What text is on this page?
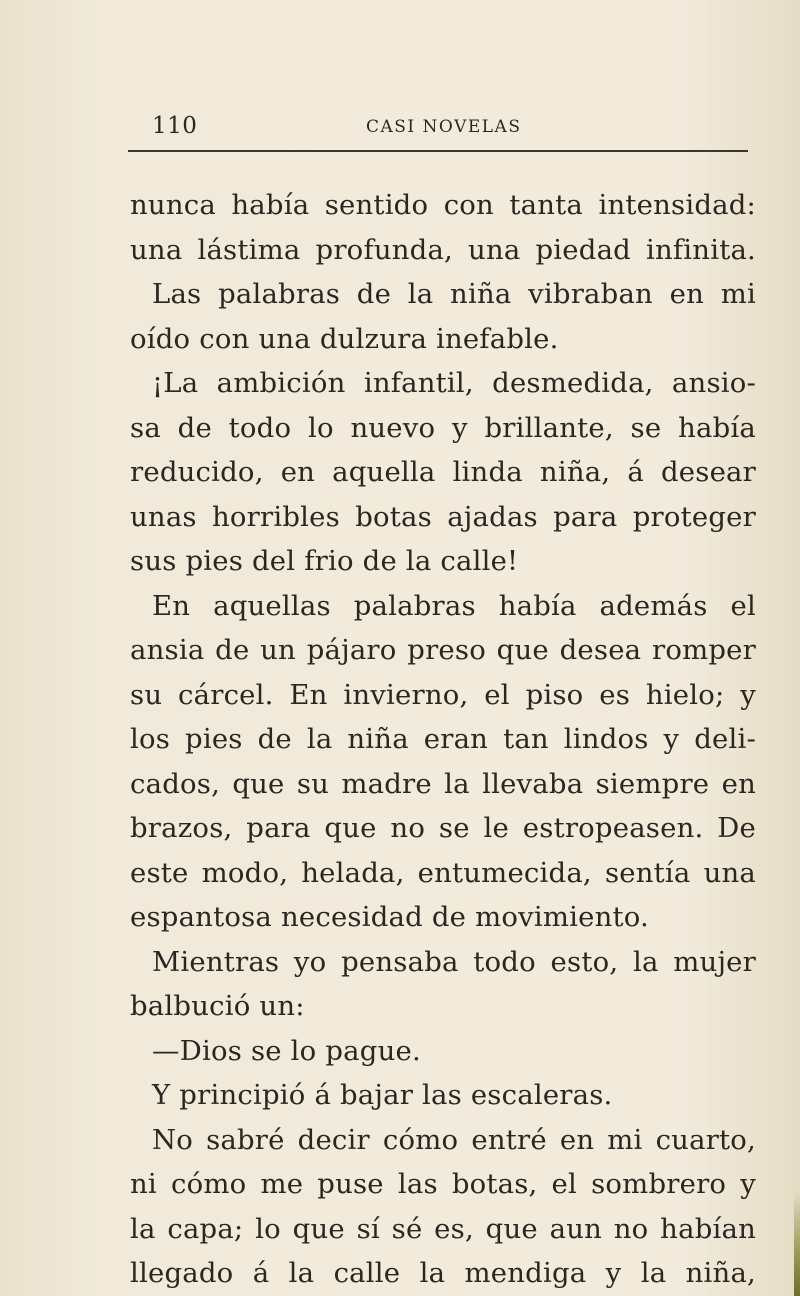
110	CASI NOVELAS
nunca había sentido con tanta intensidad:
una lástima profunda, una piedad infinita.
Las palabras de la niña vibraban en mi
oído con una dulzura inefable.
¡La ambición infantil, desmedida, ansio-
sa de todo lo nuevo y brillante, se había
reducido, en aquella linda niña, á desear
unas horribles botas ajadas para proteger
sus pies del frio de la calle!
En aquellas palabras había además el
ansia de un pájaro preso que desea romper
su cárcel. En invierno, el piso es hielo; y
los pies de la niña eran tan lindos y deli-
cados, que su madre la llevaba siempre en
brazos, para que no se le estropeasen. De
este modo, helada, entumecida, sentía una
espantosa necesidad de movimiento.
Mientras yo pensaba todo esto, la mujer
balbució un:
—Dios se lo pague.
Y principió á bajar las escaleras.
No sabré decir cómo entré en mi cuarto,
ni cómo me puse las botas, el sombrero y
la capa; lo que sí sé es, que aun no habían
llegado á la calle la mendiga y la niña,
